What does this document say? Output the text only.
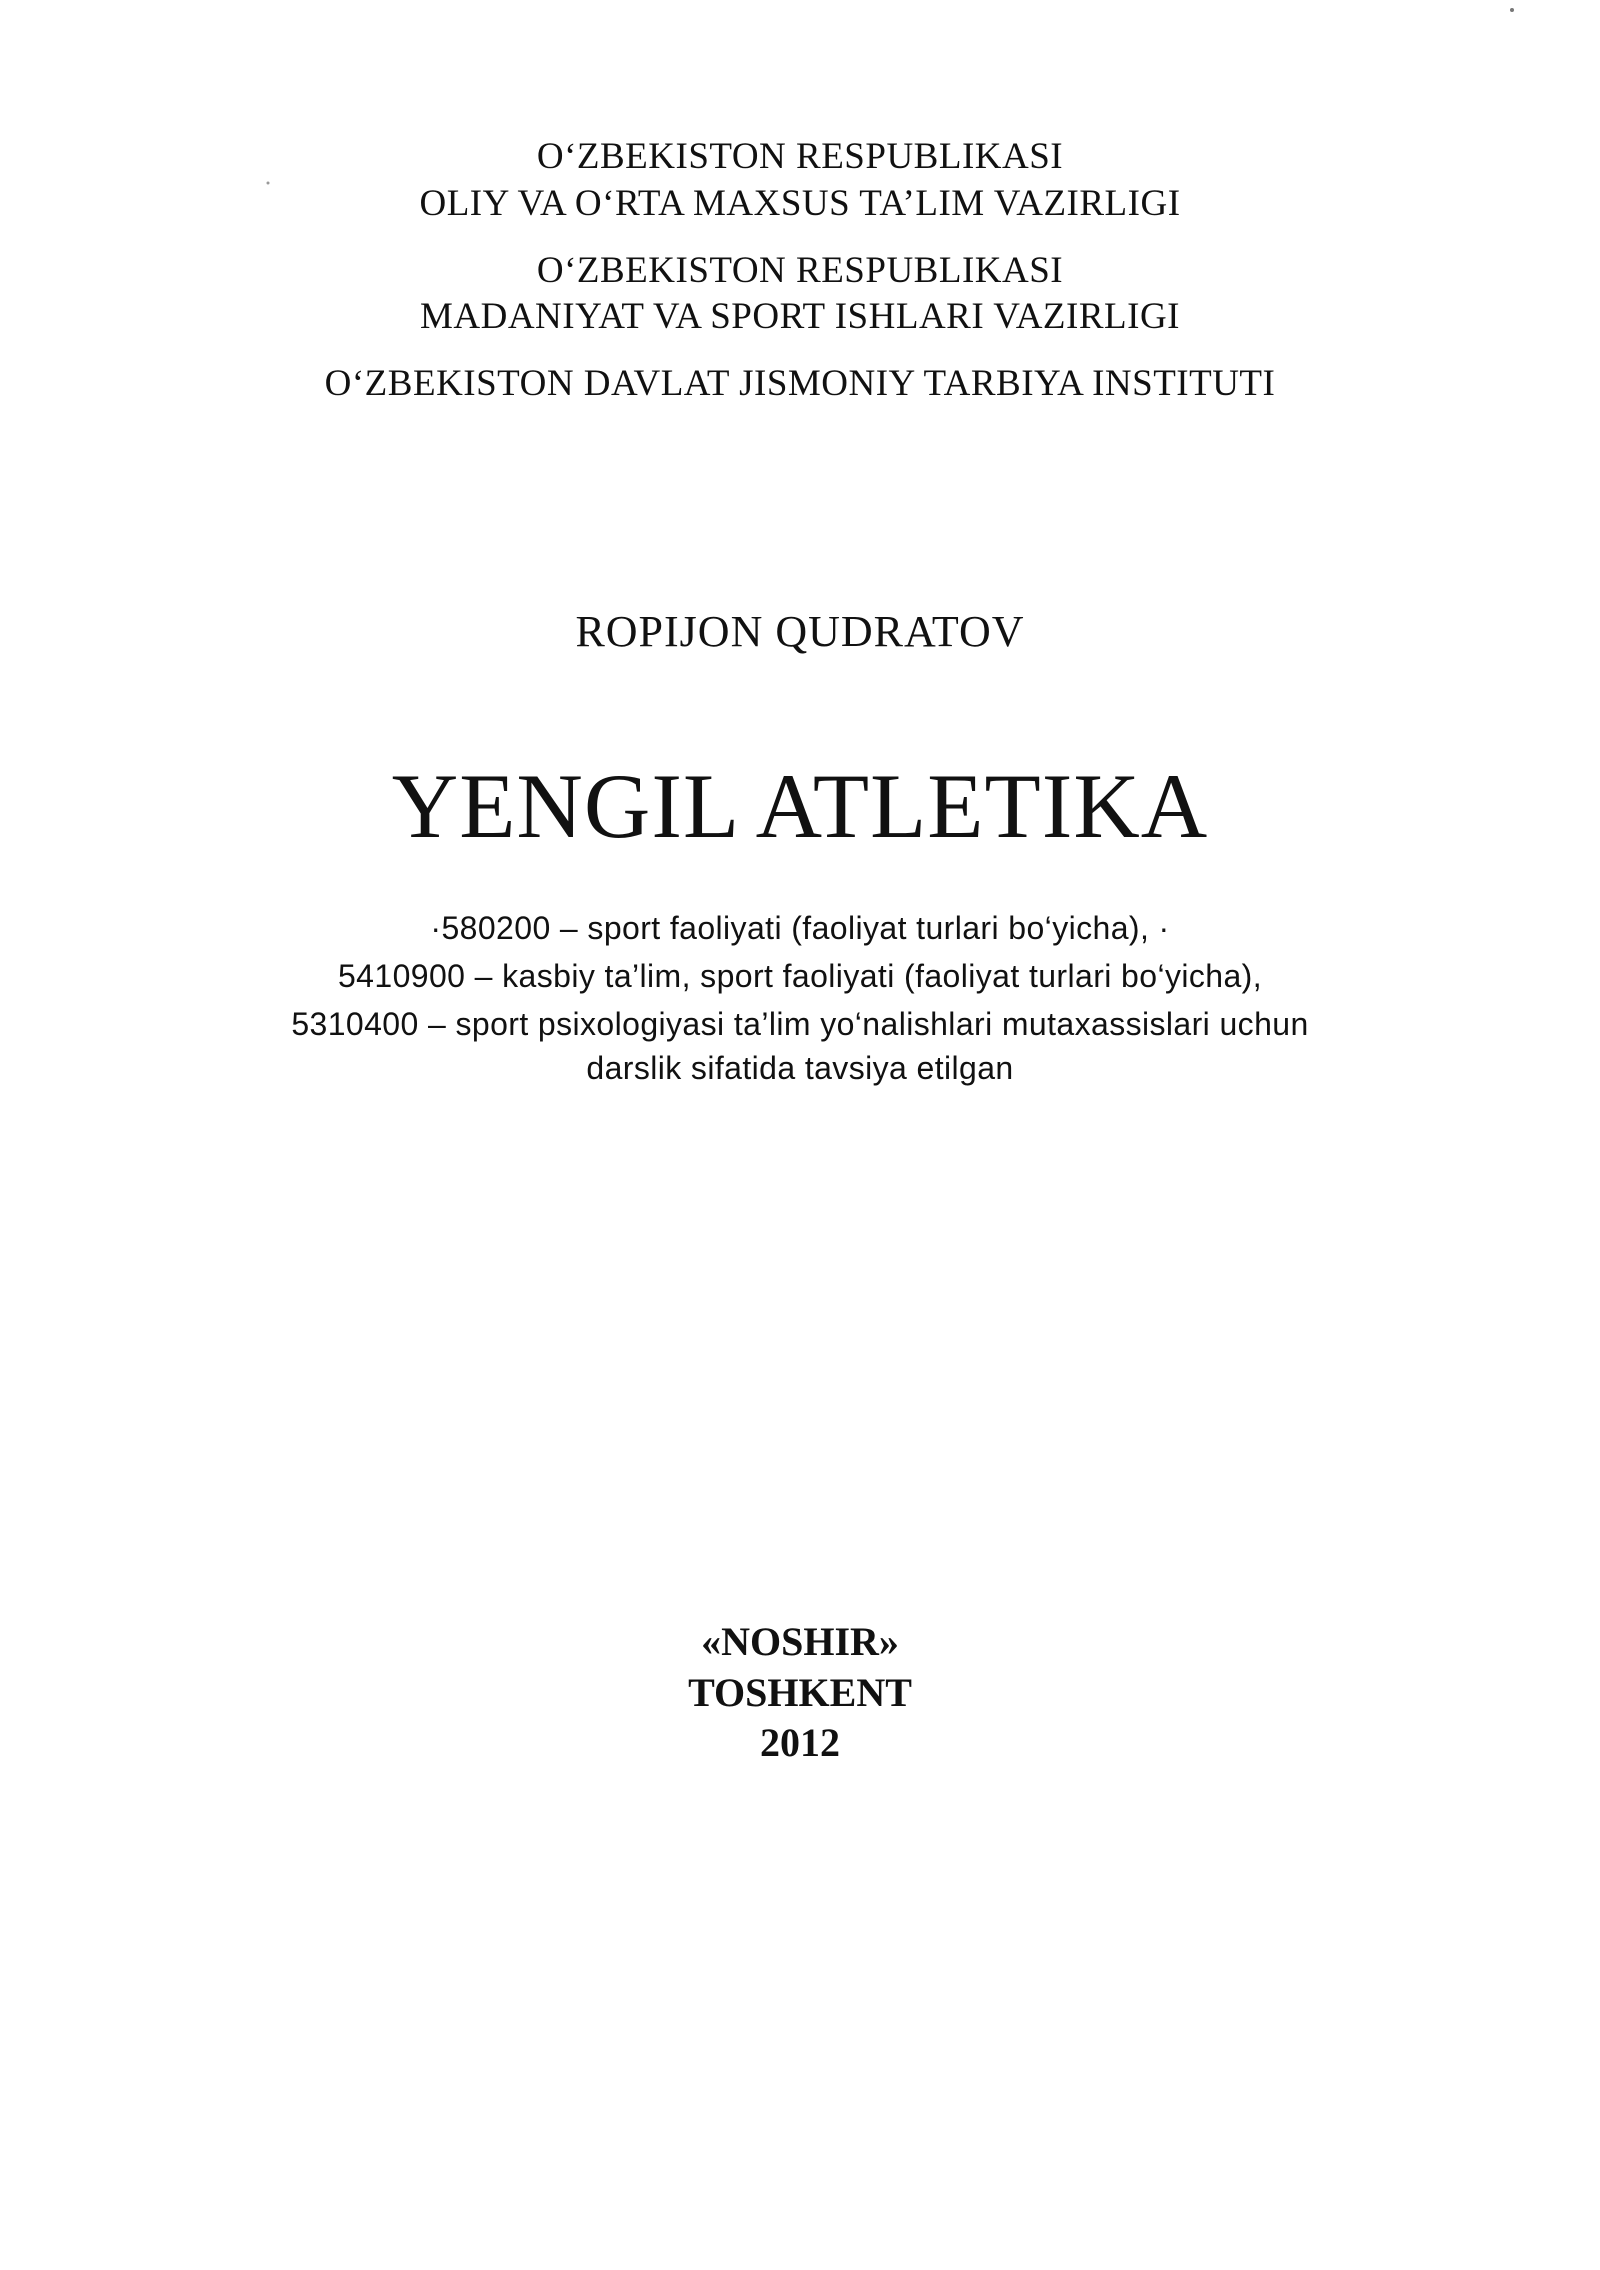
O‘ZBEKISTON RESPUBLIKASI
OLIY VA O‘RTA MAXSUS TA’LIM VAZIRLIGI
O‘ZBEKISTON RESPUBLIKASI
MADANIYAT VA SPORT ISHLARI VAZIRLIGI
O‘ZBEKISTON DAVLAT JISMONIY TARBIYA INSTITUTI
ROPIJON QUDRATOV
YENGIL ATLETIKA
·580200 – sport faoliyati (faoliyat turlari bo‘yicha), ·
5410900 – kasbiy ta’lim, sport faoliyati (faoliyat turlari bo‘yicha),
5310400 – sport psixologiyasi ta’lim yo‘nalishlari mutaxassislari uchun
darslik sifatida tavsiya etilgan
«NOSHIR»
TOSHKENT
2012
